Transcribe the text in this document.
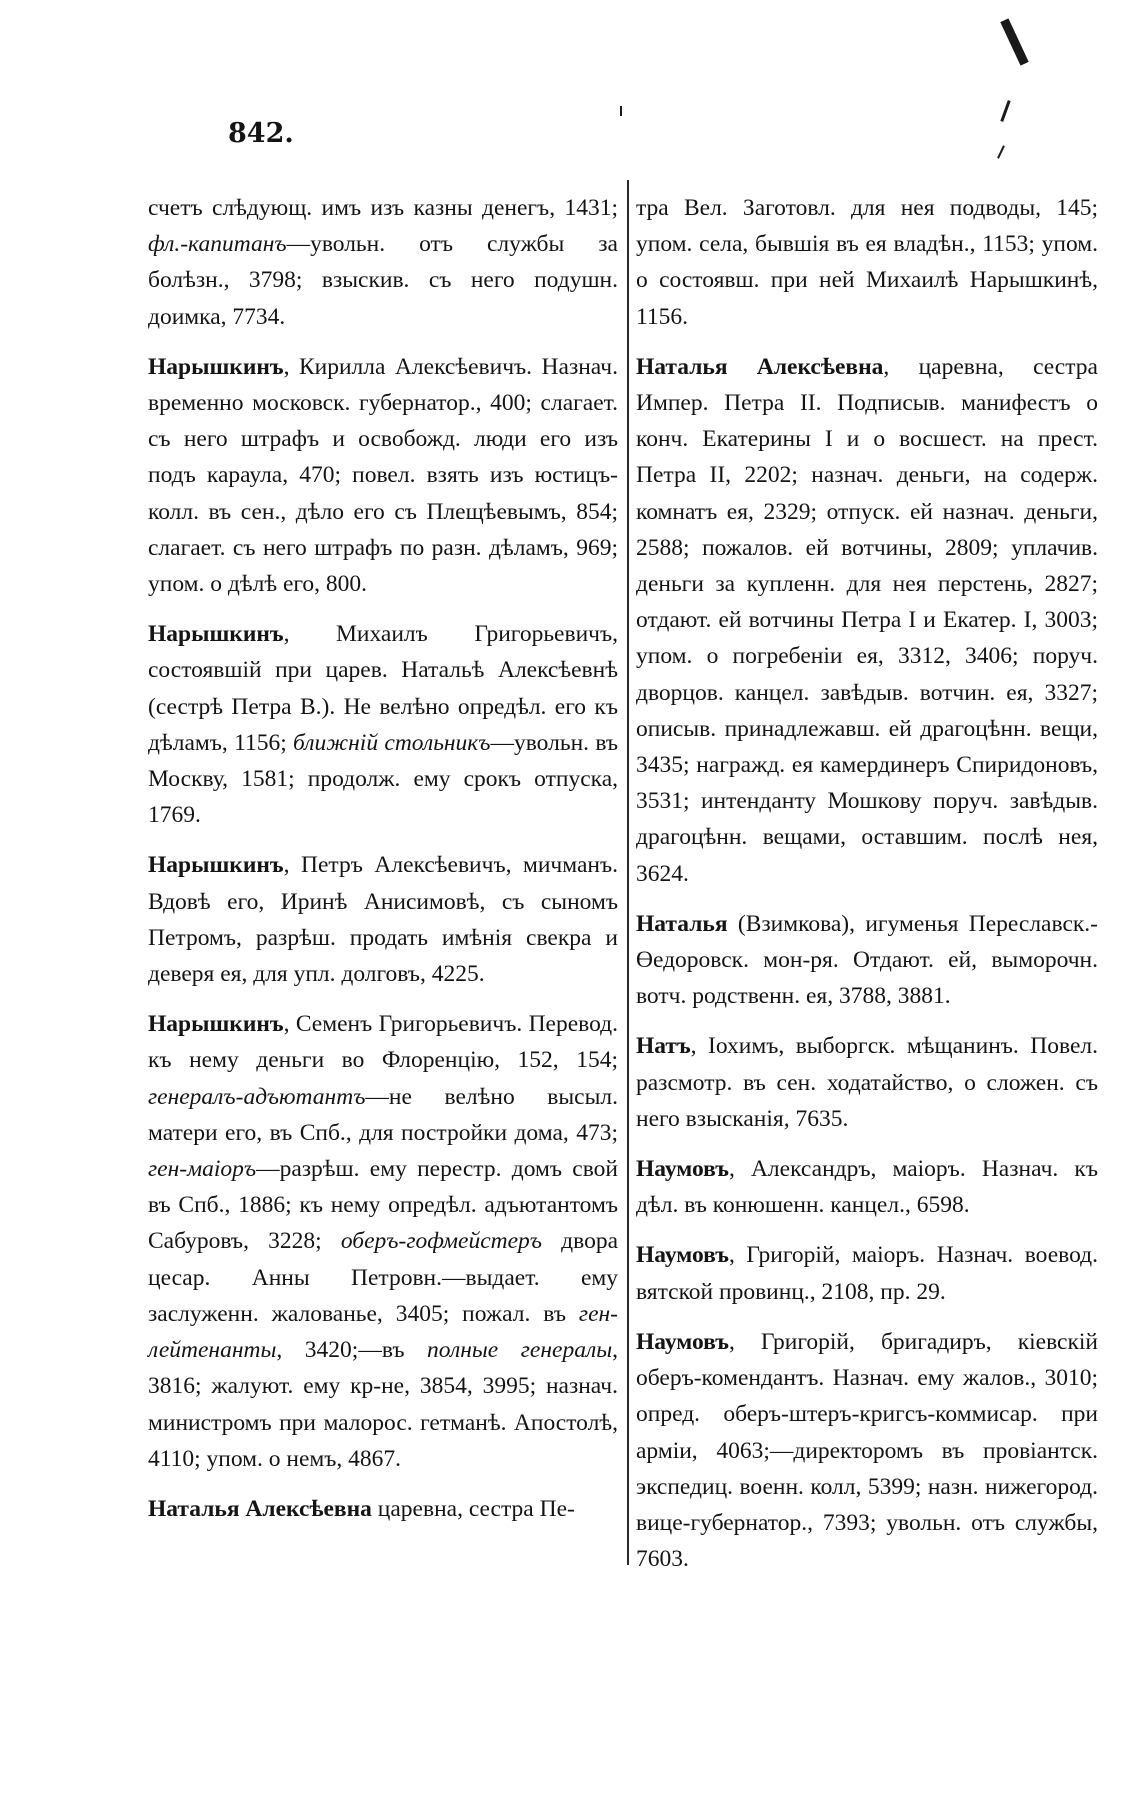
842.

счетъ слѣдующ. имъ изъ казны денегъ, 1431; фл.-капитанъ—увольн. отъ службы за болѣзн., 3798; взыскив. съ него подушн. доимка, 7734.

Нарышкинъ, Кирилла Алексѣевичъ. Назнач. временно московск. губернатор., 400; слагает. съ него штрафъ и освобожд. люди его изъ подъ караула, 470; повел. взять изъ юстицъ-колл. въ сен., дѣло его съ Плещѣевымъ, 854; слагает. съ него штрафъ по разн. дѣламъ, 969; упом. о дѣлѣ его, 800.

Нарышкинъ, Михаилъ Григорьевичъ, состоявшій при царев. Натальѣ Алексѣевнѣ (сестрѣ Петра В.). Не велѣно опредѣл. его къ дѣламъ, 1156; ближній стольникъ—увольн. въ Москву, 1581; продолж. ему срокъ отпуска, 1769.

Нарышкинъ, Петръ Алексѣевичъ, мичманъ. Вдовѣ его, Иринѣ Анисимовѣ, съ сыномъ Петромъ, разрѣш. продать имѣнія свекра и деверя ея, для упл. долговъ, 4225.

Нарышкинъ, Семенъ Григорьевичъ. Перевод. къ нему деньги во Флоренцію, 152, 154; генералъ-адъютантъ—не велѣно высыл. матери его, въ Спб., для постройки дома, 473; ген-маіоръ—разрѣш. ему перестр. домъ свой въ Спб., 1886; къ нему опредѣл. адъютантомъ Сабуровъ, 3228; оберъ-гофмейстеръ двора цесар. Анны Петровн.—выдает. ему заслуженн. жалованье, 3405; пожал. въ ген-лейтенанты, 3420;—въ полные генералы, 3816; жалуют. ему кр-не, 3854, 3995; назнач. министромъ при малорос. гетманѣ. Апостолѣ, 4110; упом. о немъ, 4867.

Наталья Алексѣевна царевна, сестра Пе-

тра Вел. Заготовл. для нея подводы, 145; упом. села, бывшія въ ея владѣн., 1153; упом. о состоявш. при ней Михаилѣ Нарышкинѣ, 1156.

Наталья Алексѣевна, царевна, сестра Импер. Петра II. Подписыв. манифестъ о конч. Екатерины I и о восшест. на прест. Петра II, 2202; назнач. деньги, на содерж. комнатъ ея, 2329; отпуск. ей назнач. деньги, 2588; пожалов. ей вотчины, 2809; уплачив. деньги за купленн. для нея перстень, 2827; отдают. ей вотчины Петра I и Екатер. I, 3003; упом. о погребеніи ея, 3312, 3406; поруч. дворцов. канцел. завѣдыв. вотчин. ея, 3327; описыв. принадлежавш. ей драгоцѣнн. вещи, 3435; награжд. ея камердинеръ Спиридоновъ, 3531; интенданту Мошкову поруч. завѣдыв. драгоцѣнн. вещами, оставшим. послѣ нея, 3624.

Наталья (Взимкова), игуменья Переславск.-Өедоровск. мон-ря. Отдают. ей, выморочн. вотч. родственн. ея, 3788, 3881.

Натъ, Іохимъ, выборгск. мѣщанинъ. Повел. разсмотр. въ сен. ходатайство, о сложен. съ него взысканія, 7635.

Наумовъ, Александръ, маіоръ. Назнач. къ дѣл. въ конюшенн. канцел., 6598.

Наумовъ, Григорій, маіоръ. Назнач. воевод. вятской провинц., 2108, пр. 29.

Наумовъ, Григорій, бригадиръ, кіевскій оберъ-комендантъ. Назнач. ему жалов., 3010; опред. оберъ-штеръ-кригсъ-коммисар. при арміи, 4063;—директоромъ въ провіантск. экспедиц. военн. колл, 5399; назн. нижегород. вице-губернатор., 7393; увольн. отъ службы, 7603.
